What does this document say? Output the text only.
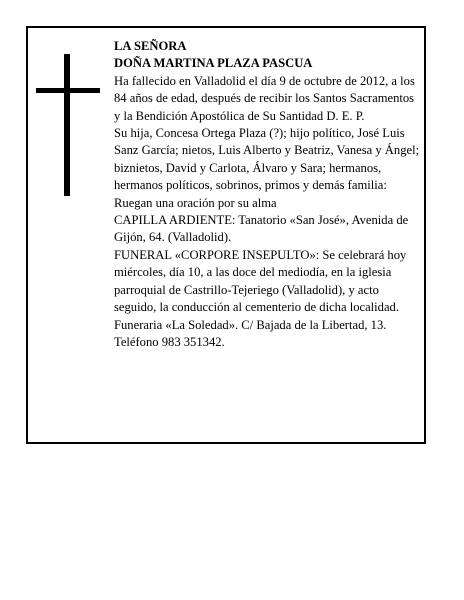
LA SEÑORA

DOÑA MARTINA PLAZA PASCUA

Ha fallecido en Valladolid el día 9 de octubre de 2012, a los 84 años de edad, después de recibir los Santos Sacramentos y la Bendición Apostólica de Su Santidad D. E. P.

Su hija, Concesa Ortega Plaza (?); hijo político, José Luis Sanz García; nietos, Luis Alberto y Beatriz, Vanesa y Ángel; biznietos, David y Carlota, Álvaro y Sara; hermanos, hermanos políticos, sobrinos, primos y demás familia:

Ruegan una oración por su alma

CAPILLA ARDIENTE: Tanatorio «San José», Avenida de Gijón, 64. (Valladolid).

FUNERAL «CORPORE INSEPULTO»: Se celebrará hoy miércoles, día 10, a las doce del mediodía, en la iglesia parroquial de Castrillo-Tejeriego (Valladolid), y acto seguido, la conducción al cementerio de dicha localidad.

Funeraria «La Soledad». C/ Bajada de la Libertad, 13. Teléfono 983 351342.
